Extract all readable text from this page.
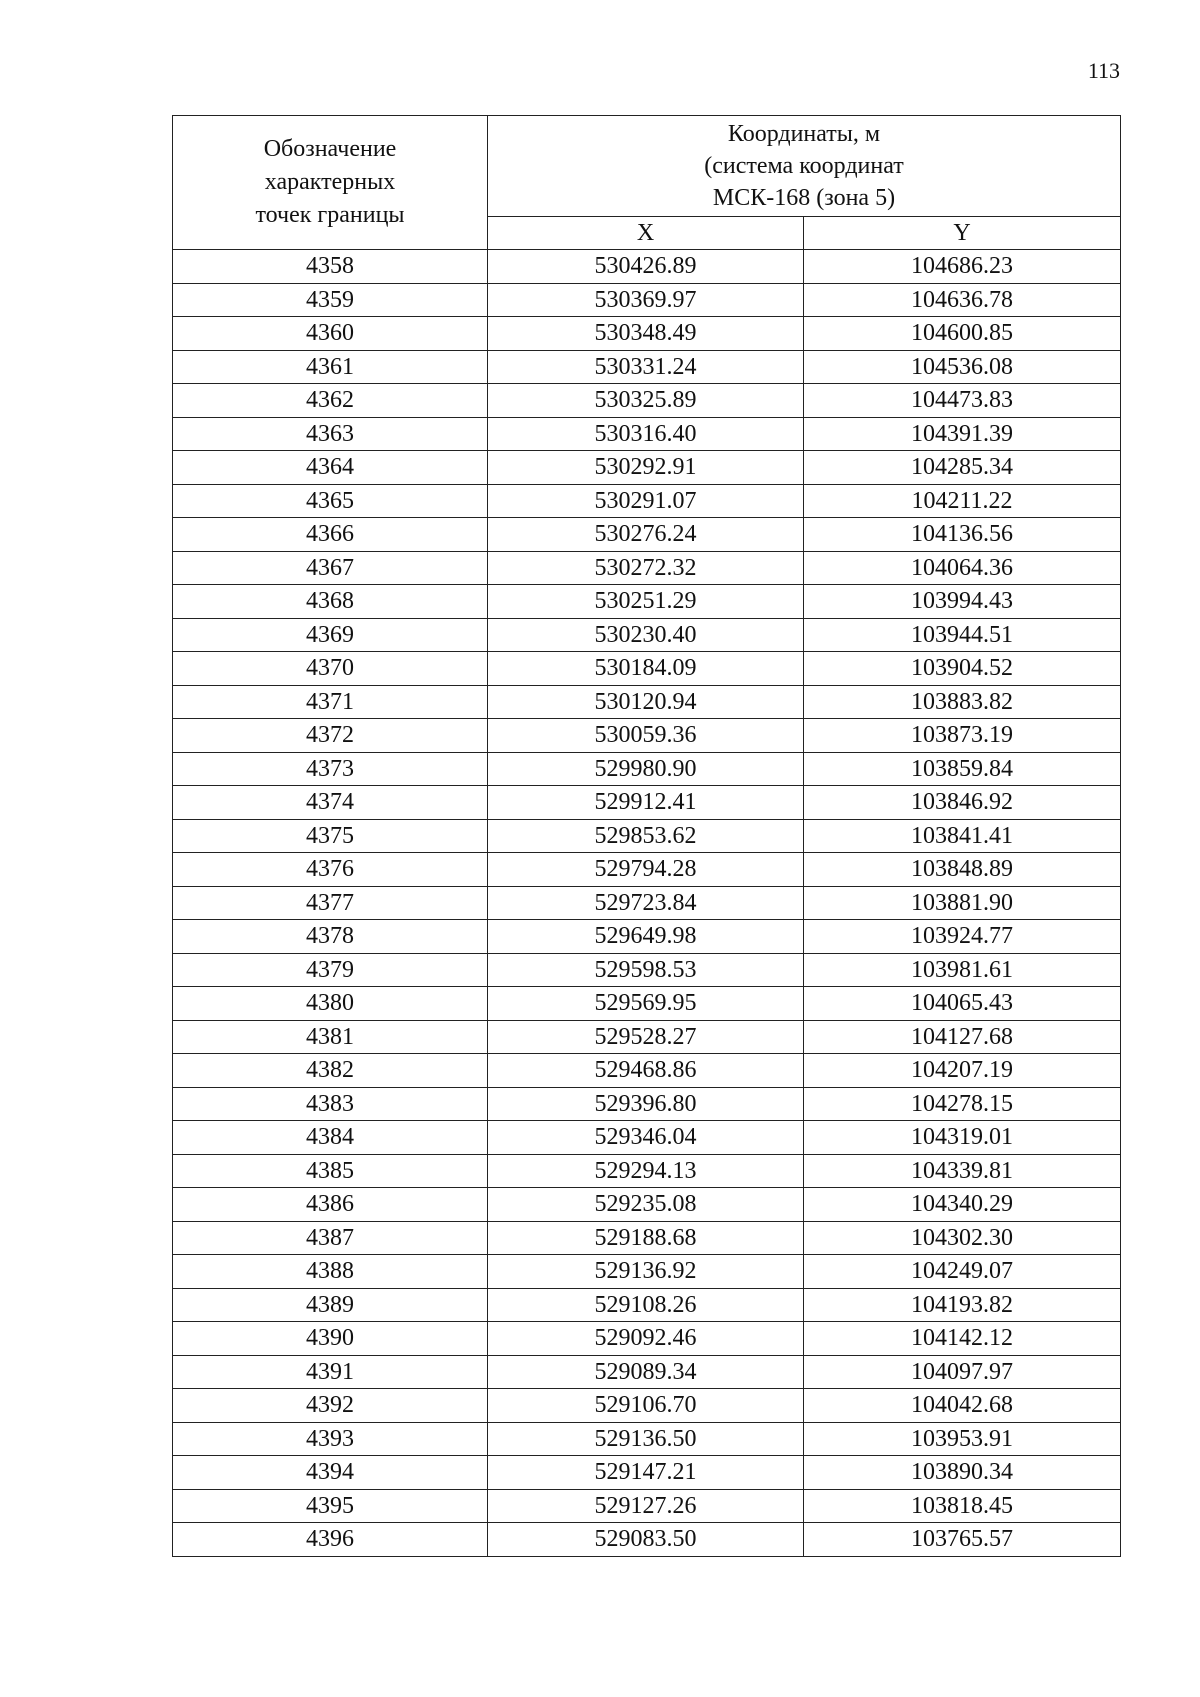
113
Обозначение
характерных
точек границы	Координаты, м
(система координат
МСК-168 (зона 5)	

	X	Y
4358	530426.89	104686.23
4359	530369.97	104636.78
4360	530348.49	104600.85
4361	530331.24	104536.08
4362	530325.89	104473.83
4363	530316.40	104391.39
4364	530292.91	104285.34
4365	530291.07	104211.22
4366	530276.24	104136.56
4367	530272.32	104064.36
4368	530251.29	103994.43
4369	530230.40	103944.51
4370	530184.09	103904.52
4371	530120.94	103883.82
4372	530059.36	103873.19
4373	529980.90	103859.84
4374	529912.41	103846.92
4375	529853.62	103841.41
4376	529794.28	103848.89
4377	529723.84	103881.90
4378	529649.98	103924.77
4379	529598.53	103981.61
4380	529569.95	104065.43
4381	529528.27	104127.68
4382	529468.86	104207.19
4383	529396.80	104278.15
4384	529346.04	104319.01
4385	529294.13	104339.81
4386	529235.08	104340.29
4387	529188.68	104302.30
4388	529136.92	104249.07
4389	529108.26	104193.82
4390	529092.46	104142.12
4391	529089.34	104097.97
4392	529106.70	104042.68
4393	529136.50	103953.91
4394	529147.21	103890.34
4395	529127.26	103818.45
4396	529083.50	103765.57
